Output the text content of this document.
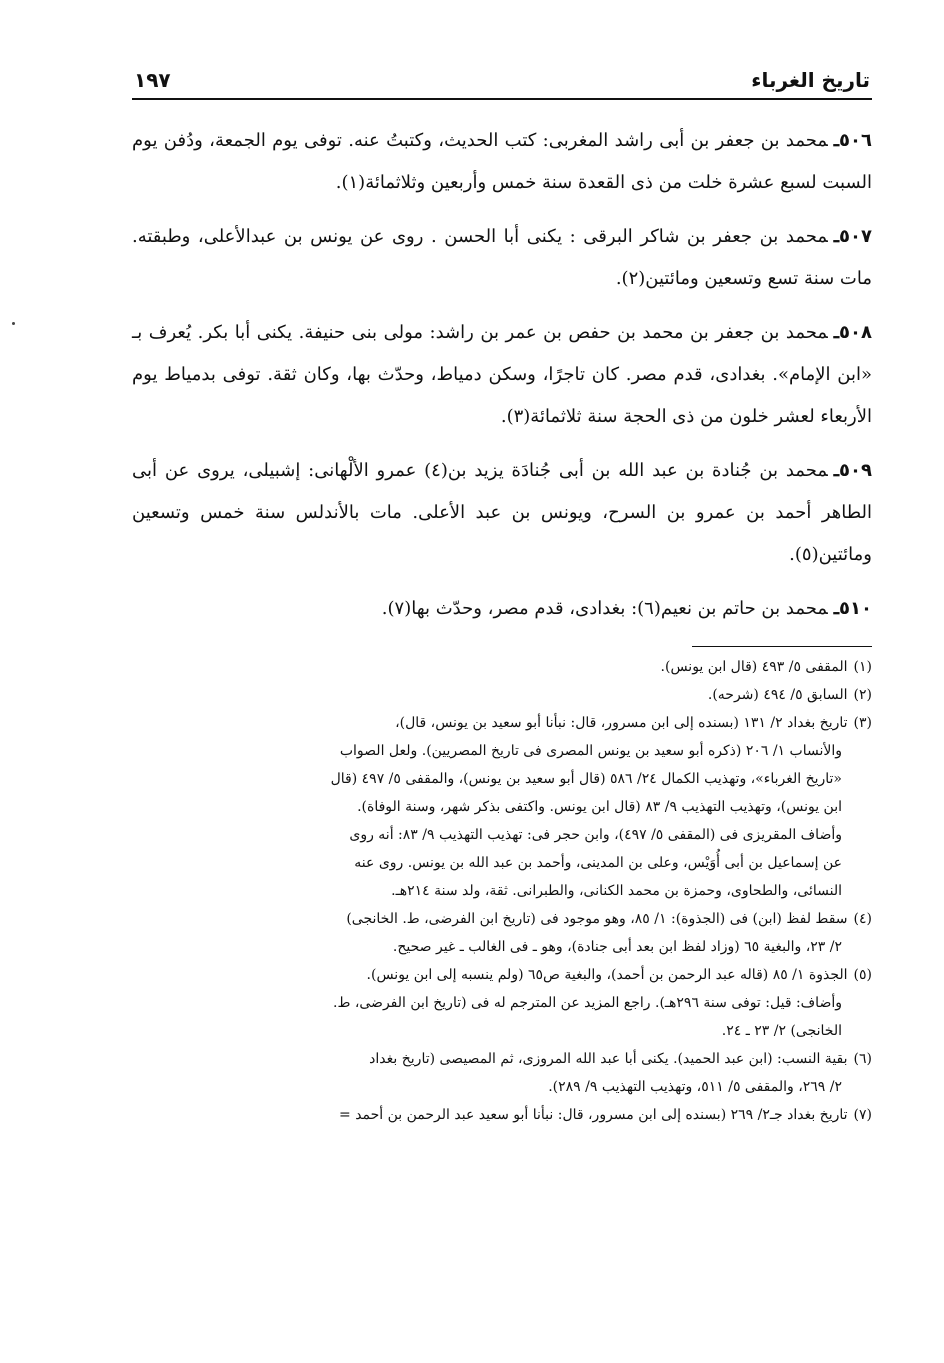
تاريخ الغرباء
١٩٧

٥٠٦ـمحمد بن جعفر بن أبى راشد المغربى: كتب الحديث، وكتبتُ عنه. توفى يوم الجمعة، ودُفن يوم السبت لسبع عشرة خلت من ذى القعدة سنة خمس وأربعين وثلاثمائة(١).

٥٠٧ـمحمد بن جعفر بن شاكر البرقى : يكنى أبا الحسن . روى عن يونس بن عبدالأعلى، وطبقته. مات سنة تسع وتسعين ومائتين(٢).

٥٠٨ـمحمد بن جعفر بن محمد بن حفص بن عمر بن راشد: مولى بنى حنيفة. يكنى أبا بكر. يُعرف بـ «ابن الإمام». بغدادى، قدم مصر. كان تاجرًا، وسكن دمياط، وحدّث بها، وكان ثقة. توفى بدمياط يوم الأربعاء لعشر خلون من ذى الحجة سنة ثلاثمائة(٣).

٥٠٩ـمحمد بن جُنادة بن عبد الله بن أبى جُنادَة يزيد بن(٤) عمرو الألْهانى: إشبيلى، يروى عن أبى الطاهر أحمد بن عمرو بن السرح، ويونس بن عبد الأعلى. مات بالأندلس سنة خمس وتسعين ومائتين(٥).

٥١٠ـمحمد بن حاتم بن نعيم(٦): بغدادى، قدم مصر، وحدّث بها(٧).

(١)المقفى ٥/ ٤٩٣ (قال ابن يونس).

(٢)السابق ٥/ ٤٩٤ (شرحه).

(٣)تاريخ بغداد ٢/ ١٣١ (بسنده إلى ابن مسرور، قال: نبأنا أبو سعيد بن يونس، قال)،
والأنساب ١/ ٢٠٦ (ذكره أبو سعيد بن يونس المصرى فى تاريخ المصريين). ولعل الصواب
«تاريخ الغرباء»، وتهذيب الكمال ٢٤/ ٥٨٦ (قال أبو سعيد بن يونس)، والمقفى ٥/ ٤٩٧ (قال
ابن يونس)، وتهذيب التهذيب ٩/ ٨٣ (قال ابن يونس. واكتفى بذكر شهر، وسنة الوفاة).
وأضاف المقريزى فى (المقفى ٥/ ٤٩٧)، وابن حجر فى: تهذيب التهذيب ٩/ ٨٣: أنه روى
عن إسماعيل بن أبى أُوَيْس، وعلى بن المدينى، وأحمد بن عبد الله بن يونس. روى عنه
النسائى، والطحاوى، وحمزة بن محمد الكنانى، والطبرانى. ثقة، ولد سنة ٢١٤هـ.

(٤)سقط لفظ (ابن) فى (الجذوة): ١/ ٨٥، وهو موجود فى (تاريخ ابن الفرضى، ط. الخانجى)
٢/ ٢٣، والبغية ٦٥ (وزاد لفظ ابن بعد أبى جنادة)، وهو ـ فى الغالب ـ غير صحيح.

(٥)الجذوة ١/ ٨٥ (قاله عبد الرحمن بن أحمد)، والبغية ص٦٥ (ولم ينسبه إلى ابن يونس).
وأضاف: قيل: توفى سنة ٢٩٦هـ). راجع المزيد عن المترجم له فى (تاريخ ابن الفرضى، ط.
الخانجى) ٢/ ٢٣ ـ ٢٤.

(٦)بقية النسب: (ابن عبد الحميد). يكنى أبا عبد الله المروزى، ثم المصيصى (تاريخ بغداد
٢/ ٢٦٩، والمقفى ٥/ ٥١١، وتهذيب التهذيب ٩/ ٢٨٩).

(٧)تاريخ بغداد جـ٢/ ٢٦٩ (بسنده إلى ابن مسرور، قال: نبأنا أبو سعيد عبد الرحمن بن أحمد =
